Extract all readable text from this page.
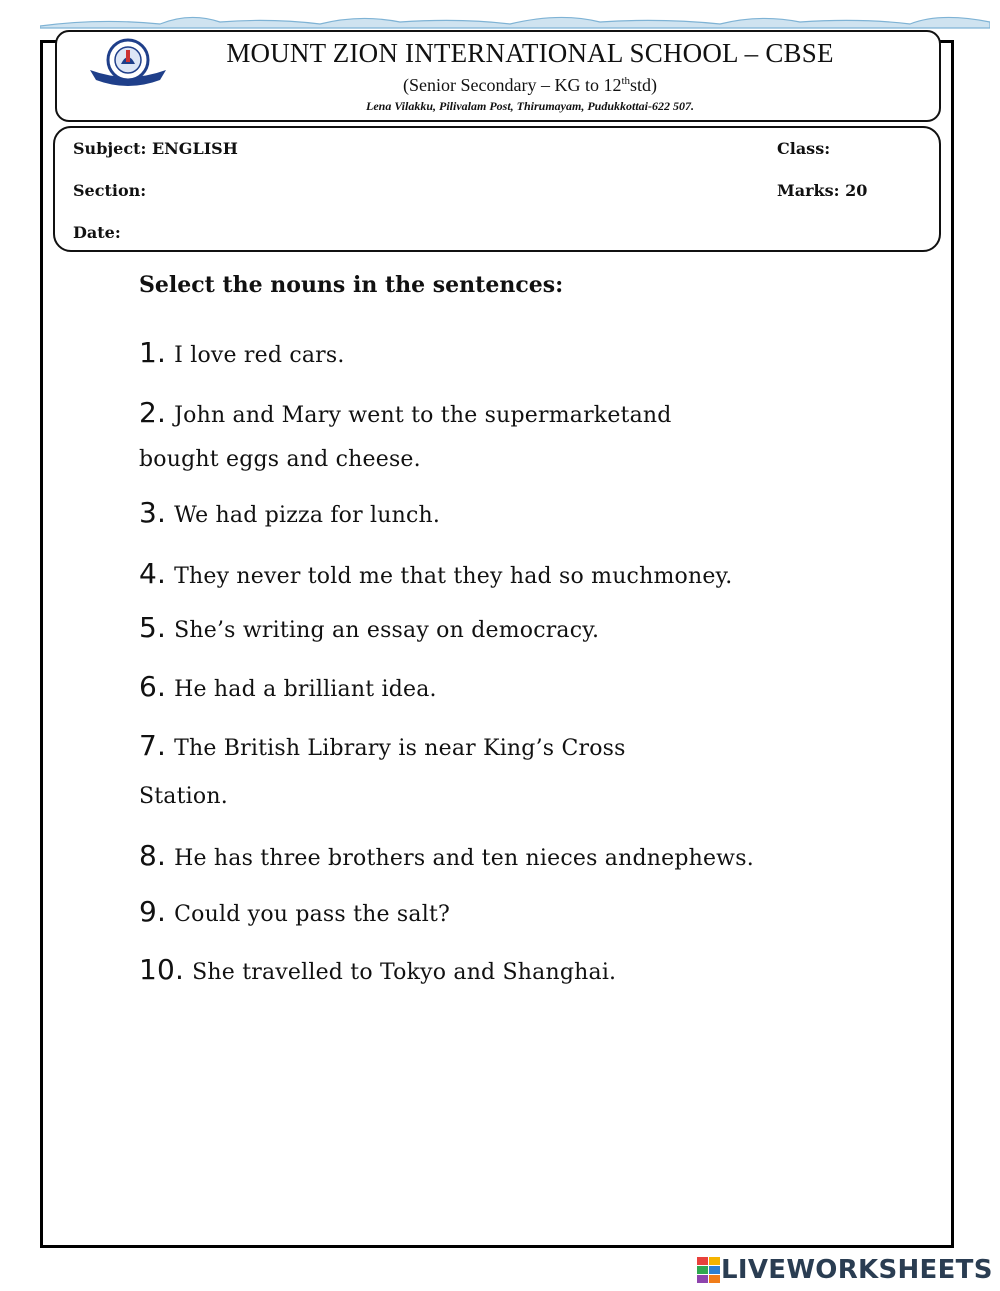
MOUNT ZION INTERNATIONAL SCHOOL – CBSE
(Senior Secondary – KG to 12thstd)
Lena Vilakku, Pilivalam Post, Thirumayam, Pudukkottai-622 507.
Subject: ENGLISH	Class:
Section:	Marks: 20
Date:
Select the nouns in the sentences:
1. I love red cars.
2. John and Mary went to the supermarketand
bought eggs and cheese.
3. We had pizza for lunch.
4. They never told me that they had so muchmoney.
5. She’s writing an essay on democracy.
6. He had a brilliant idea.
7. The British Library is near King’s Cross
Station.
8. He has three brothers and ten nieces andnephews.
9. Could you pass the salt?
10. She travelled to Tokyo and Shanghai.
LIVEWORKSHEETS
